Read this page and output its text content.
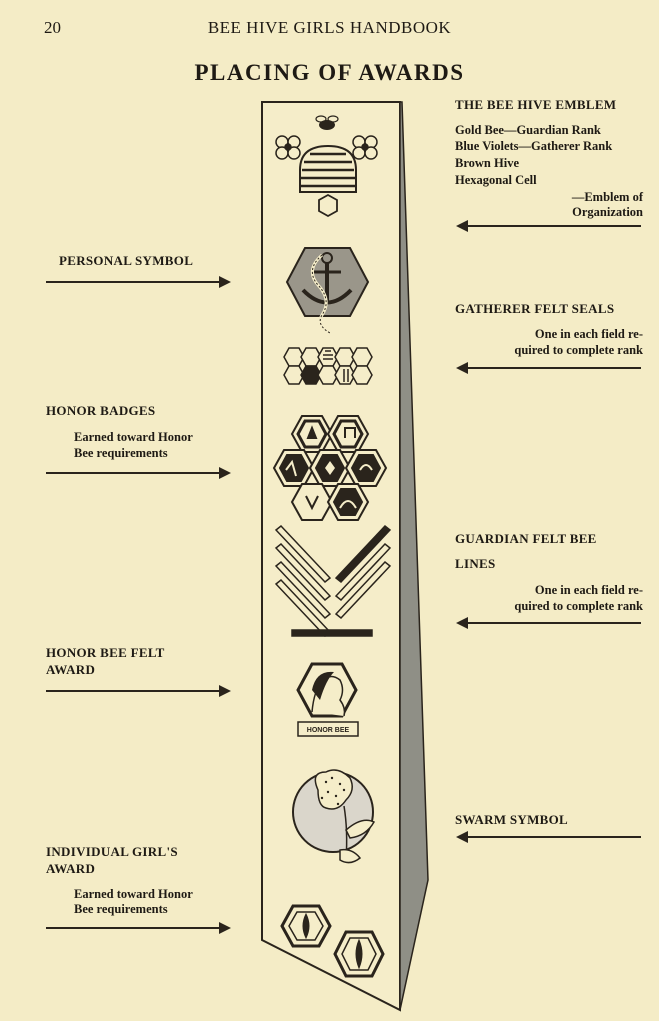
20	BEE HIVE GIRLS HANDBOOK
PLACING OF AWARDS
HONOR BEE
THE BEE HIVE EMBLEM
Gold Bee—Guardian Rank
Blue Violets—Gatherer Rank
Brown Hive
Hexagonal Cell
—Emblem of
Organization
PERSONAL SYMBOL
GATHERER FELT SEALS
One in each field re-
quired to complete rank
HONOR BADGES
Earned toward Honor
Bee requirements
GUARDIAN FELT BEE
LINES
One in each field re-
quired to complete rank
HONOR BEE FELT
AWARD
SWARM SYMBOL
INDIVIDUAL GIRL'S
AWARD
Earned toward Honor
Bee requirements
